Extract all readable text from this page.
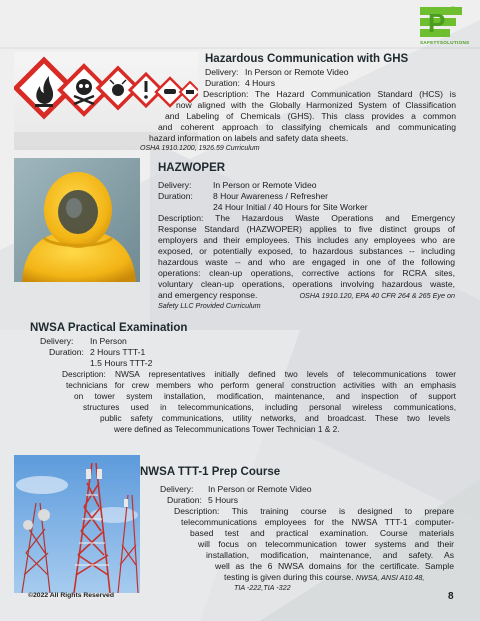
P 3
SAFETYSOLUTIONS
Hazardous Communication with GHS
Delivery: In Person or Remote Video
Duration: 4 Hours
Description: The Hazard Communication Standard (HCS) is
now aligned with the Globally Harmonized System of Classification
and Labeling of Chemicals (GHS). This class provides a common
and coherent approach to classifying chemicals and communicating
hazard information on labels and safety data sheets.
OSHA 1910.1200, 1926.59 Curriculum
HAZWOPER
Delivery:	In Person or Remote Video
Duration:	8 Hour Awareness / Refresher
24 Hour Initial / 40 Hours for Site Worker
Description: The Hazardous Waste Operations and Emergency
Response Standard (HAZWOPER) applies to five distinct groups of
employers and their employees. This includes any employees who are
exposed, or potentially exposed, to hazardous substances -- including
hazardous waste -- and who are engaged in one of the following
operations: clean-up operations, corrective actions for RCRA sites,
voluntary clean-up operations, operations involving hazardous waste,
and emergency response.	OSHA 1910.120, EPA 40 CFR 264 & 265 Eye on
Safety LLC Provided Curriculum
NWSA Practical Examination
Delivery:	In Person
Duration: 2 Hours TTT-1
1.5 Hours TTT-2
Description: NWSA representatives initially defined two levels of telecommunications tower
technicians for crew members who perform general construction activities with an emphasis
on tower system installation, modification, maintenance, and inspection of support
structures used in telecommunications, including personal wireless communications,
public safety communications, utility networks, and broadcast. These two levels
were defined as Telecommunications Tower Technician 1 & 2.
NWSA TTT-1 Prep Course
Delivery:	In Person or Remote Video
Duration: 5 Hours
Description: This training course is designed to prepare
telecommunications employees for the NWSA TTT-1 computer-
based test and practical examination. Course materials
will focus on telecommunication tower systems and their
installation, modification, maintenance, and safety. As
well as the 6 NWSA domains for the certificate. Sample
testing is given during this course. NWSA, ANSI A10.48,
TIA -222,TIA -322
©2022 All Rights Reserved	8
